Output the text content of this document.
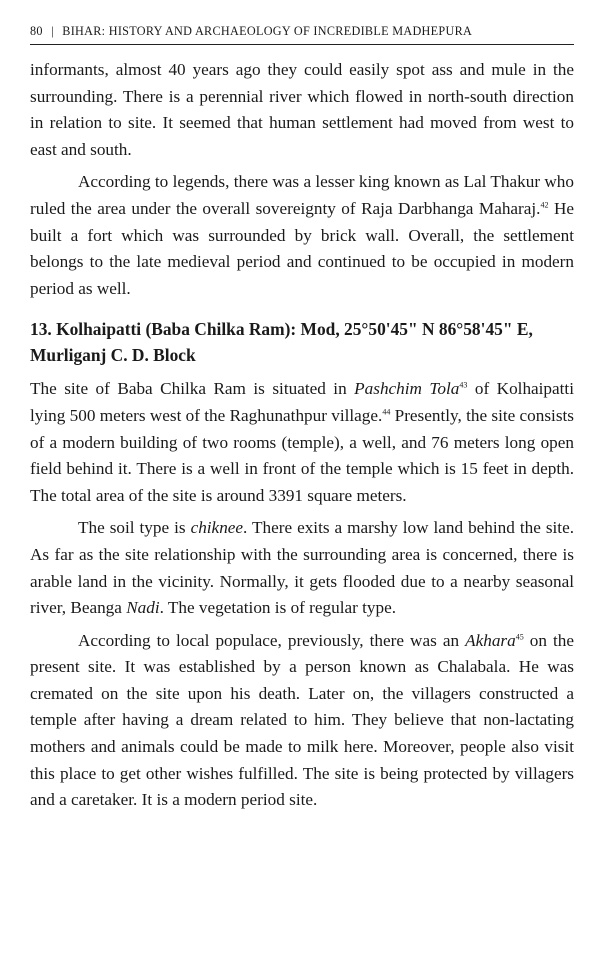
80 | BIHAR: HISTORY AND ARCHAEOLOGY OF INCREDIBLE MADHEPURA

informants, almost 40 years ago they could easily spot ass and mule in the surrounding. There is a perennial river which flowed in north-south direction in relation to site. It seemed that human settlement had moved from west to east and south.

According to legends, there was a lesser king known as Lal Thakur who ruled the area under the overall sovereignty of Raja Darbhanga Maharaj.$^{42}$ He built a fort which was surrounded by brick wall. Overall, the settlement belongs to the late medieval period and continued to be occupied in modern period as well.

13. Kolhaipatti (Baba Chilka Ram): Mod, 25°50'45" N 86°58'45" E, Murliganj C. D. Block

The site of Baba Chilka Ram is situated in Pashchim Tola$^{43}$ of Kolhaipatti lying 500 meters west of the Raghunathpur village.$^{44}$ Presently, the site consists of a modern building of two rooms (temple), a well, and 76 meters long open field behind it. There is a well in front of the temple which is 15 feet in depth. The total area of the site is around 3391 square meters.

The soil type is chiknee. There exits a marshy low land behind the site. As far as the site relationship with the surrounding area is concerned, there is arable land in the vicinity. Normally, it gets flooded due to a nearby seasonal river, Beanga Nadi. The vegetation is of regular type.

According to local populace, previously, there was an Akhara$^{45}$ on the present site. It was established by a person known as Chalabala. He was cremated on the site upon his death. Later on, the villagers constructed a temple after having a dream related to him. They believe that non-lactating mothers and animals could be made to milk here. Moreover, people also visit this place to get other wishes fulfilled. The site is being protected by villagers and a caretaker. It is a modern period site.
